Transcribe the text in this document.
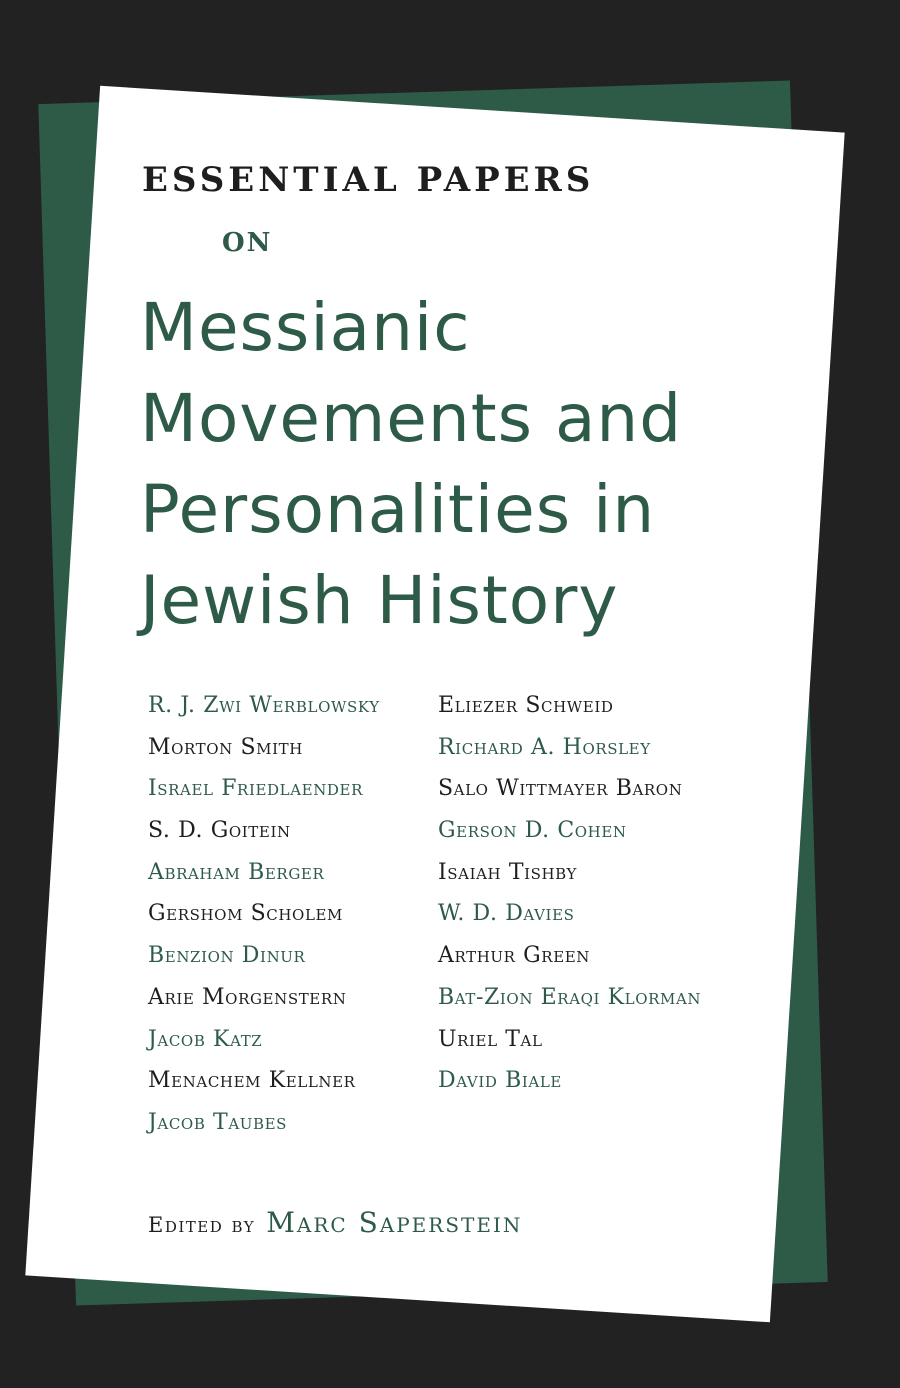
ESSENTIAL PAPERS
ON
Messianic
Movements and
Personalities in
Jewish History
R. J. Zwi Werblowsky
Morton Smith
Israel Friedlaender
S. D. Goitein
Abraham Berger
Gershom Scholem
Benzion Dinur
Arie Morgenstern
Jacob Katz
Menachem Kellner
Jacob Taubes
Eliezer Schweid
Richard A. Horsley
Salo Wittmayer Baron
Gerson D. Cohen
Isaiah Tishby
W. D. Davies
Arthur Green
Bat-Zion Eraqi Klorman
Uriel Tal
David Biale
Edited by Marc Saperstein
